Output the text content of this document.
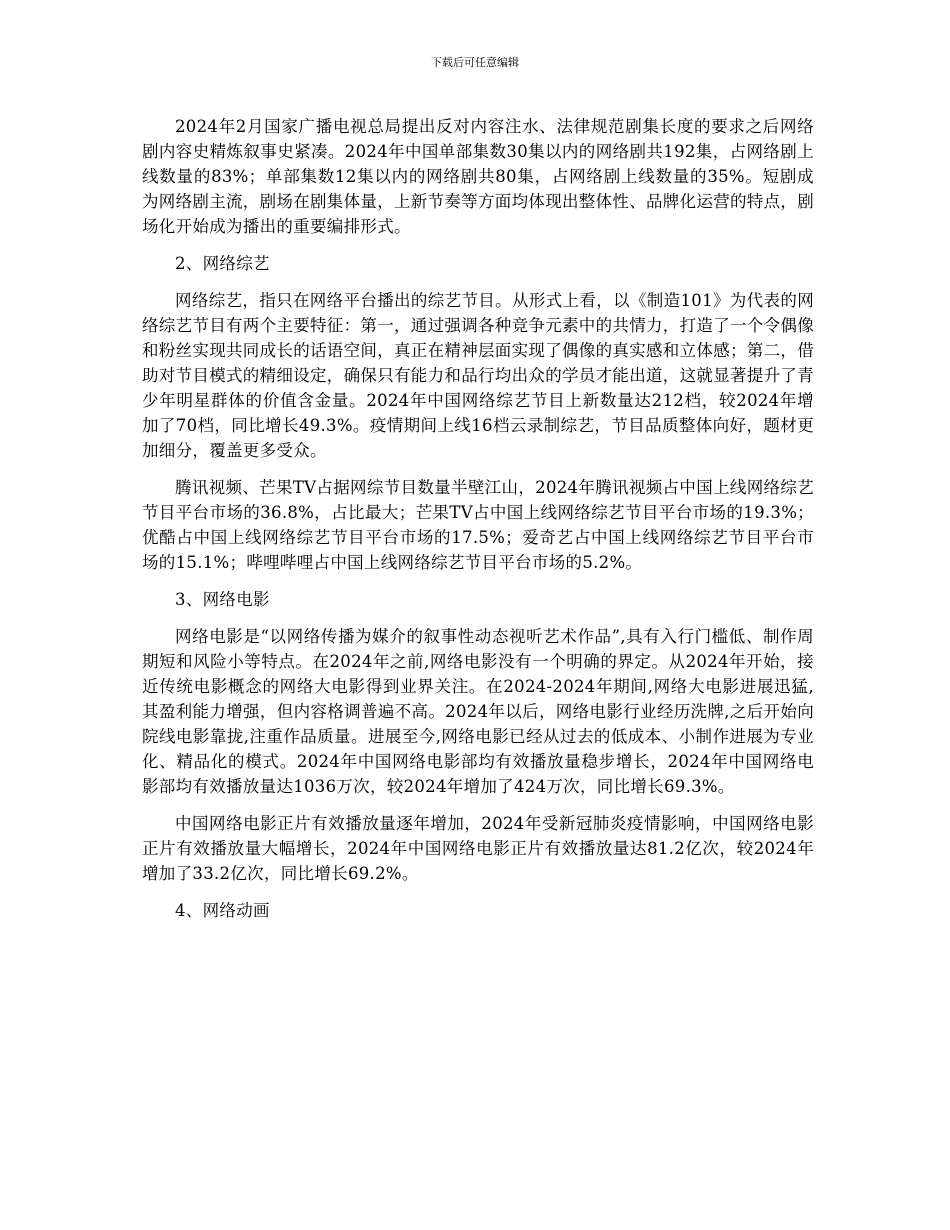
下载后可任意编辑

2024年2月国家广播电视总局提出反对内容注水、法律规范剧集长度的要求之后网络剧内容史精炼叙事史紧凑。2024年中国单部集数30集以内的网络剧共192集，占网络剧上线数量的83%；单部集数12集以内的网络剧共80集，占网络剧上线数量的35%。短剧成为网络剧主流，剧场在剧集体量，上新节奏等方面均体现出整体性、品牌化运营的特点，剧场化开始成为播出的重要编排形式。

2、网络综艺

网络综艺，指只在网络平台播出的综艺节目。从形式上看，以《制造101》为代表的网络综艺节目有两个主要特征：第一，通过强调各种竞争元素中的共情力，打造了一个令偶像和粉丝实现共同成长的话语空间，真正在精神层面实现了偶像的真实感和立体感；第二，借助对节目模式的精细设定，确保只有能力和品行均出众的学员才能出道，这就显著提升了青少年明星群体的价值含金量。2024年中国网络综艺节目上新数量达212档，较2024年增加了70档，同比增长49.3%。疫情期间上线16档云录制综艺，节目品质整体向好，题材更加细分，覆盖更多受众。

腾讯视频、芒果TV占据网综节目数量半壁江山，2024年腾讯视频占中国上线网络综艺节目平台市场的36.8%，占比最大；芒果TV占中国上线网络综艺节目平台市场的19.3%；优酷占中国上线网络综艺节目平台市场的17.5%；爱奇艺占中国上线网络综艺节目平台市场的15.1%；哔哩哔哩占中国上线网络综艺节目平台市场的5.2%。

3、网络电影

网络电影是“以网络传播为媒介的叙事性动态视听艺术作品”,具有入行门槛低、制作周期短和风险小等特点。在2024年之前,网络电影没有一个明确的界定。从2024年开始，接近传统电影概念的网络大电影得到业界关注。在2024-2024年期间,网络大电影进展迅猛,其盈利能力增强，但内容格调普遍不高。2024年以后，网络电影行业经历洗牌,之后开始向院线电影靠拢,注重作品质量。进展至今,网络电影已经从过去的低成本、小制作进展为专业化、精品化的模式。2024年中国网络电影部均有效播放量稳步增长，2024年中国网络电影部均有效播放量达1036万次，较2024年增加了424万次，同比增长69.3%。

中国网络电影正片有效播放量逐年增加，2024年受新冠肺炎疫情影响，中国网络电影正片有效播放量大幅增长，2024年中国网络电影正片有效播放量达81.2亿次，较2024年增加了33.2亿次，同比增长69.2%。

4、网络动画
